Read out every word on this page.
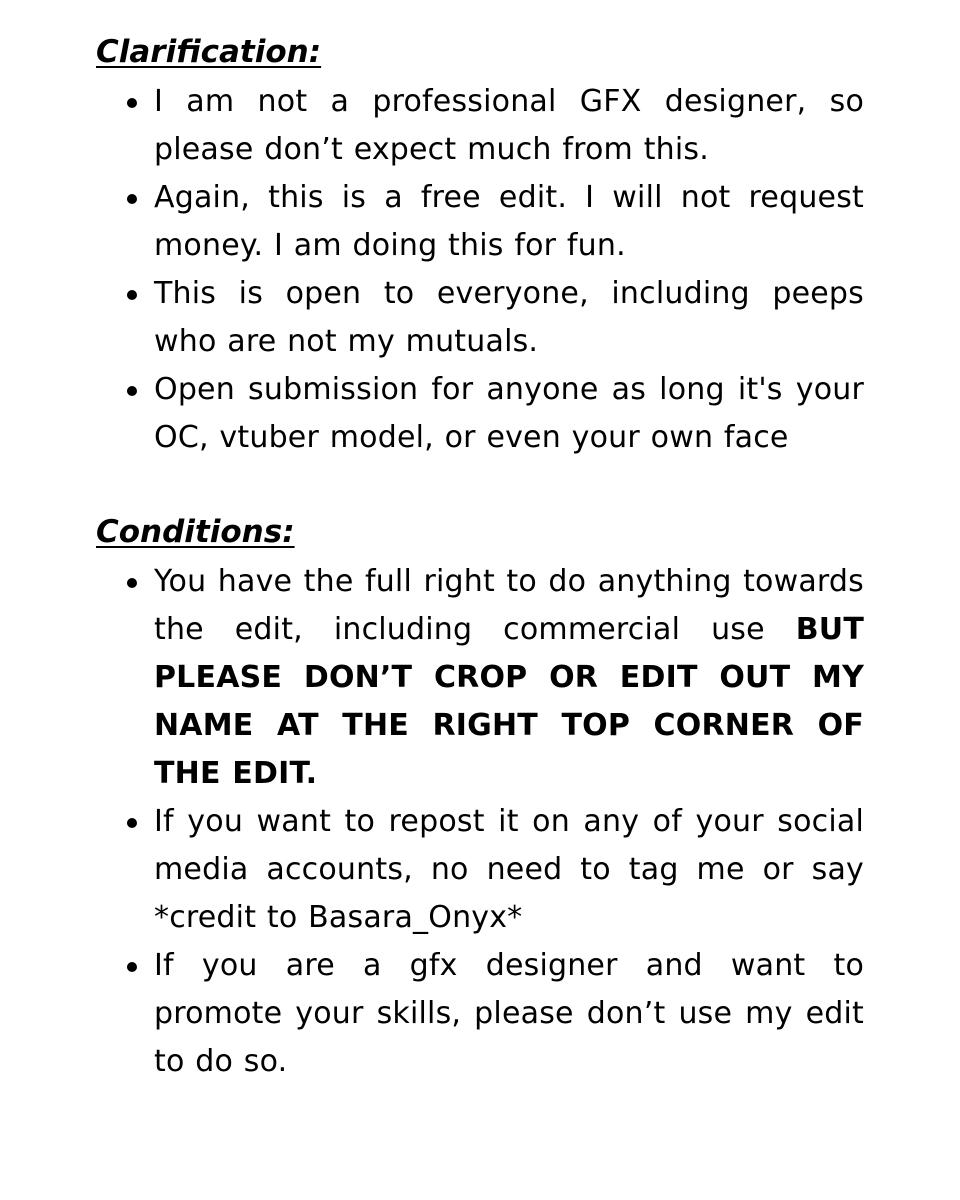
Clarification:
I am not a professional GFX designer, so please don’t expect much from this.
Again, this is a free edit. I will not request money. I am doing this for fun.
This is open to everyone, including peeps who are not my mutuals.
Open submission for anyone as long it's your OC, vtuber model, or even your own face
Conditions:
You have the full right to do anything towards the edit, including commercial use BUT PLEASE DON’T CROP OR EDIT OUT MY NAME AT THE RIGHT TOP CORNER OF THE EDIT.
If you want to repost it on any of your social media accounts, no need to tag me or say *credit to Basara_Onyx*
If you are a gfx designer and want to promote your skills, please don’t use my edit to do so.
